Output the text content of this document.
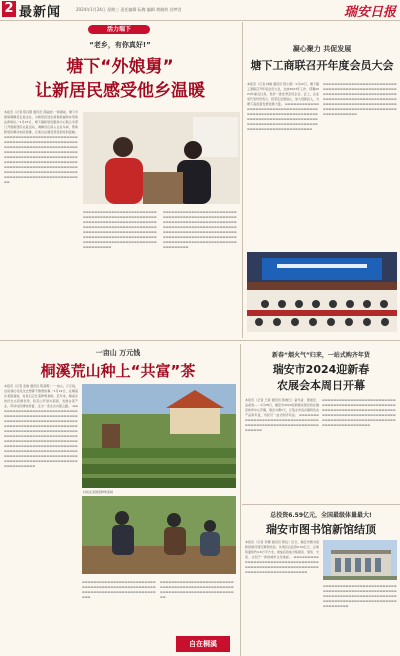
2 最新闻	2024年1月24日 星期三 责任编辑 阮梅 编辑 黄晓荷 苏梦君	瑞安日报
活力瑞下
“老乡，有你真好!”
塘下“外娘舅”
让新居民感受他乡温暖
本报讯（记者 陈丹霞 通讯员 邵丽波）“新春前，塘下外娘舅调解员走进企业，为新居民送去新春祝福和实用的法律知识。”1月23日，塘下镇新居民服务中心联合多部门开展新居民关爱活动，调解员们深入企业车间，帮助新居民解决实际困难，让他们在瑞安感受到家的温暖。 ▬▬▬▬▬▬▬▬▬▬▬▬▬▬▬▬▬▬▬▬▬▬▬▬▬▬▬▬▬▬▬▬▬▬▬▬▬▬▬▬▬▬▬▬▬▬▬▬▬▬▬▬▬▬▬▬▬▬▬▬▬▬▬▬▬▬▬▬▬▬▬▬▬▬▬▬▬▬▬▬▬▬▬▬▬▬▬▬▬▬▬▬▬▬▬▬▬▬▬▬▬▬▬▬▬▬▬▬▬▬▬▬▬▬▬▬▬▬▬▬▬▬▬▬▬▬▬▬▬▬▬▬▬▬▬▬▬▬▬▬▬▬▬▬▬▬▬▬▬▬▬▬▬▬▬▬▬▬▬▬▬▬▬▬▬▬▬▬▬▬▬▬▬▬▬▬▬▬▬▬▬▬▬▬▬▬▬▬▬▬▬▬▬▬▬▬▬▬▬▬▬▬▬▬▬▬▬▬▬▬▬▬▬▬▬▬▬▬▬▬▬▬▬▬▬▬▬▬▬▬▬▬▬▬▬▬
▬▬▬▬▬▬▬▬▬▬▬▬▬▬▬▬▬▬▬▬▬▬▬▬▬▬▬▬▬▬▬▬▬▬▬▬▬▬▬▬▬▬▬▬▬▬▬▬▬▬▬▬▬▬▬▬▬▬▬▬▬▬▬▬▬▬▬▬▬▬▬▬▬▬▬▬▬▬▬▬▬▬▬▬▬▬▬▬▬▬▬▬▬▬▬▬▬▬▬▬▬▬▬▬▬▬▬▬▬▬▬▬▬▬▬▬▬▬▬▬▬▬▬▬▬▬▬▬▬▬▬▬▬▬▬▬▬▬▬▬▬▬▬▬▬▬▬▬▬▬▬▬▬▬▬▬▬▬▬▬▬▬▬▬▬▬▬▬▬▬▬▬▬▬▬▬▬▬▬▬▬▬▬▬▬▬▬▬▬▬▬▬
▬▬▬▬▬▬▬▬▬▬▬▬▬▬▬▬▬▬▬▬▬▬▬▬▬▬▬▬▬▬▬▬▬▬▬▬▬▬▬▬▬▬▬▬▬▬▬▬▬▬▬▬▬▬▬▬▬▬▬▬▬▬▬▬▬▬▬▬▬▬▬▬▬▬▬▬▬▬▬▬▬▬▬▬▬▬▬▬▬▬▬▬▬▬▬▬▬▬▬▬▬▬▬▬▬▬▬▬▬▬▬▬▬▬▬▬▬▬▬▬▬▬▬▬▬▬▬▬▬▬▬▬▬▬▬▬▬▬▬▬▬▬▬▬▬▬▬▬▬▬▬▬▬▬▬▬▬▬▬▬▬▬▬▬▬▬▬▬▬▬▬▬▬▬▬▬▬▬▬▬▬▬▬▬▬▬▬▬▬▬▬
凝心聚力 共促发展
塘下工商联召开年度会员大会
本报讯（记者 林晓 通讯员 陈小燕）1月22日，塘下镇工商联召开年度会员大会，总结2023年工作，部署2024年重点任务，表彰一批优秀会员企业。会上，企业家代表纷纷表示，将坚定发展信心，加大创新投入，为塘下高质量发展贡献力量。 ▬▬▬▬▬▬▬▬▬▬▬▬▬▬▬▬▬▬▬▬▬▬▬▬▬▬▬▬▬▬▬▬▬▬▬▬▬▬▬▬▬▬▬▬▬▬▬▬▬▬▬▬▬▬▬▬▬▬▬▬▬▬▬▬▬▬▬▬▬▬▬▬▬▬▬▬▬▬▬▬▬▬▬▬▬▬▬▬▬▬▬▬▬▬▬▬▬▬▬▬▬▬▬▬▬▬▬▬▬▬▬▬▬▬▬▬▬▬▬▬▬▬▬▬▬▬▬▬▬▬▬▬▬▬▬
▬▬▬▬▬▬▬▬▬▬▬▬▬▬▬▬▬▬▬▬▬▬▬▬▬▬▬▬▬▬▬▬▬▬▬▬▬▬▬▬▬▬▬▬▬▬▬▬▬▬▬▬▬▬▬▬▬▬▬▬▬▬▬▬▬▬▬▬▬▬▬▬▬▬▬▬▬▬▬▬▬▬▬▬▬▬▬▬▬▬▬▬▬▬▬▬▬▬▬▬▬▬▬▬▬▬▬▬▬▬▬▬▬▬▬▬▬▬▬▬▬▬▬▬▬▬▬▬▬▬▬▬▬▬▬▬▬▬▬▬▬▬▬▬▬▬▬▬▬▬▬▬▬▬▬▬▬▬▬▬▬▬▬▬▬▬▬▬
一亩山 万元钱
桐溪荒山种上“共富”茶
本报讯（记者 张晓 通讯员 陈高明）“一亩山，万元钱，这是我们村民过去想都不敢想的事。”1月22日，在桐溪乡茶园基地，村民们正忙着修剪茶树。近年来，桐溪乡依托生态资源优势，将荒山开垦为茶园，发展白茶产业，带动村民增收致富，走出一条生态共富之路。 ▬▬▬▬▬▬▬▬▬▬▬▬▬▬▬▬▬▬▬▬▬▬▬▬▬▬▬▬▬▬▬▬▬▬▬▬▬▬▬▬▬▬▬▬▬▬▬▬▬▬▬▬▬▬▬▬▬▬▬▬▬▬▬▬▬▬▬▬▬▬▬▬▬▬▬▬▬▬▬▬▬▬▬▬▬▬▬▬▬▬▬▬▬▬▬▬▬▬▬▬▬▬▬▬▬▬▬▬▬▬▬▬▬▬▬▬▬▬▬▬▬▬▬▬▬▬▬▬▬▬▬▬▬▬▬▬▬▬▬▬▬▬▬▬▬▬▬▬▬▬▬▬▬▬▬▬▬▬▬▬▬▬▬▬▬▬▬▬▬▬▬▬▬▬▬▬▬▬▬▬▬▬▬▬▬▬▬▬▬▬▬▬▬▬▬▬▬▬▬▬▬▬▬▬▬▬▬▬▬▬▬▬▬▬▬▬▬▬▬▬▬▬▬▬▬▬▬▬▬▬▬▬▬▬▬▬▬▬▬▬▬▬▬▬▬▬▬▬▬▬▬▬▬▬▬▬▬▬▬▬▬▬▬▬▬▬▬▬▬▬▬▬▬▬▬▬▬▬▬▬▬▬▬▬▬▬▬▬▬▬▬▬▬▬▬▬▬▬▬
村民在茶园里修剪茶树
▬▬▬▬▬▬▬▬▬▬▬▬▬▬▬▬▬▬▬▬▬▬▬▬▬▬▬▬▬▬▬▬▬▬▬▬▬▬▬▬▬▬▬▬▬▬▬▬▬▬▬▬▬▬▬▬▬▬▬▬▬▬▬▬▬▬▬▬▬▬▬▬▬▬▬▬▬▬▬▬▬
▬▬▬▬▬▬▬▬▬▬▬▬▬▬▬▬▬▬▬▬▬▬▬▬▬▬▬▬▬▬▬▬▬▬▬▬▬▬▬▬▬▬▬▬▬▬▬▬▬▬▬▬▬▬▬▬▬▬▬▬▬▬▬▬▬▬▬▬▬▬▬▬▬▬▬▬▬▬▬▬
自在桐溪
新春“烟火气”归来，一站式购齐年货
瑞安市2024迎新春
农展会本周日开幕
本报讯（记者 王新 通讯员 陈晓红）备年货、逛展会、品美食……1月28日，瑞安市2024迎新春农展会将在瑞安体育中心开幕，展会为期5天，汇集全市各乡镇特色农产品和年货，市民可一站式购齐年货。 ▬▬▬▬▬▬▬▬▬▬▬▬▬▬▬▬▬▬▬▬▬▬▬▬▬▬▬▬▬▬▬▬▬▬▬▬▬▬▬▬▬▬▬▬▬▬▬▬▬▬▬▬▬▬▬▬▬▬▬▬▬▬▬▬▬
▬▬▬▬▬▬▬▬▬▬▬▬▬▬▬▬▬▬▬▬▬▬▬▬▬▬▬▬▬▬▬▬▬▬▬▬▬▬▬▬▬▬▬▬▬▬▬▬▬▬▬▬▬▬▬▬▬▬▬▬▬▬▬▬▬▬▬▬▬▬▬▬▬▬▬▬▬▬▬▬▬▬▬▬▬▬▬▬▬▬▬▬▬▬▬▬▬▬▬▬▬▬▬▬▬▬▬▬▬▬▬▬▬▬▬▬▬▬▬▬▬▬▬▬▬▬▬▬▬▬▬▬▬▬▬▬▬▬▬▬▬▬▬▬▬▬▬
总投资6.59亿元，全国最级体量最大!
瑞安市图书馆新馆结顶
本报讯（记者 李娜 通讯员 陈虹）近日，瑞安市图书馆新馆建设项目顺利结顶。该项目总投资6.59亿元，总建筑面积约4.8万平方米，建成后将成为集阅读、展览、交流、文创于一体的城市文化地标。 ▬▬▬▬▬▬▬▬▬▬▬▬▬▬▬▬▬▬▬▬▬▬▬▬▬▬▬▬▬▬▬▬▬▬▬▬▬▬▬▬▬▬▬▬▬▬▬▬▬▬▬▬▬▬▬▬▬▬▬▬▬▬▬▬▬▬▬▬▬▬▬▬▬▬▬▬▬▬▬▬▬▬▬
▬▬▬▬▬▬▬▬▬▬▬▬▬▬▬▬▬▬▬▬▬▬▬▬▬▬▬▬▬▬▬▬▬▬▬▬▬▬▬▬▬▬▬▬▬▬▬▬▬▬▬▬▬▬▬▬▬▬▬▬▬▬▬▬▬▬▬▬▬▬▬▬▬▬▬▬▬▬▬▬▬▬▬▬▬▬▬▬▬▬▬▬▬▬▬▬▬▬▬▬▬▬▬▬▬▬▬▬▬▬▬▬▬
